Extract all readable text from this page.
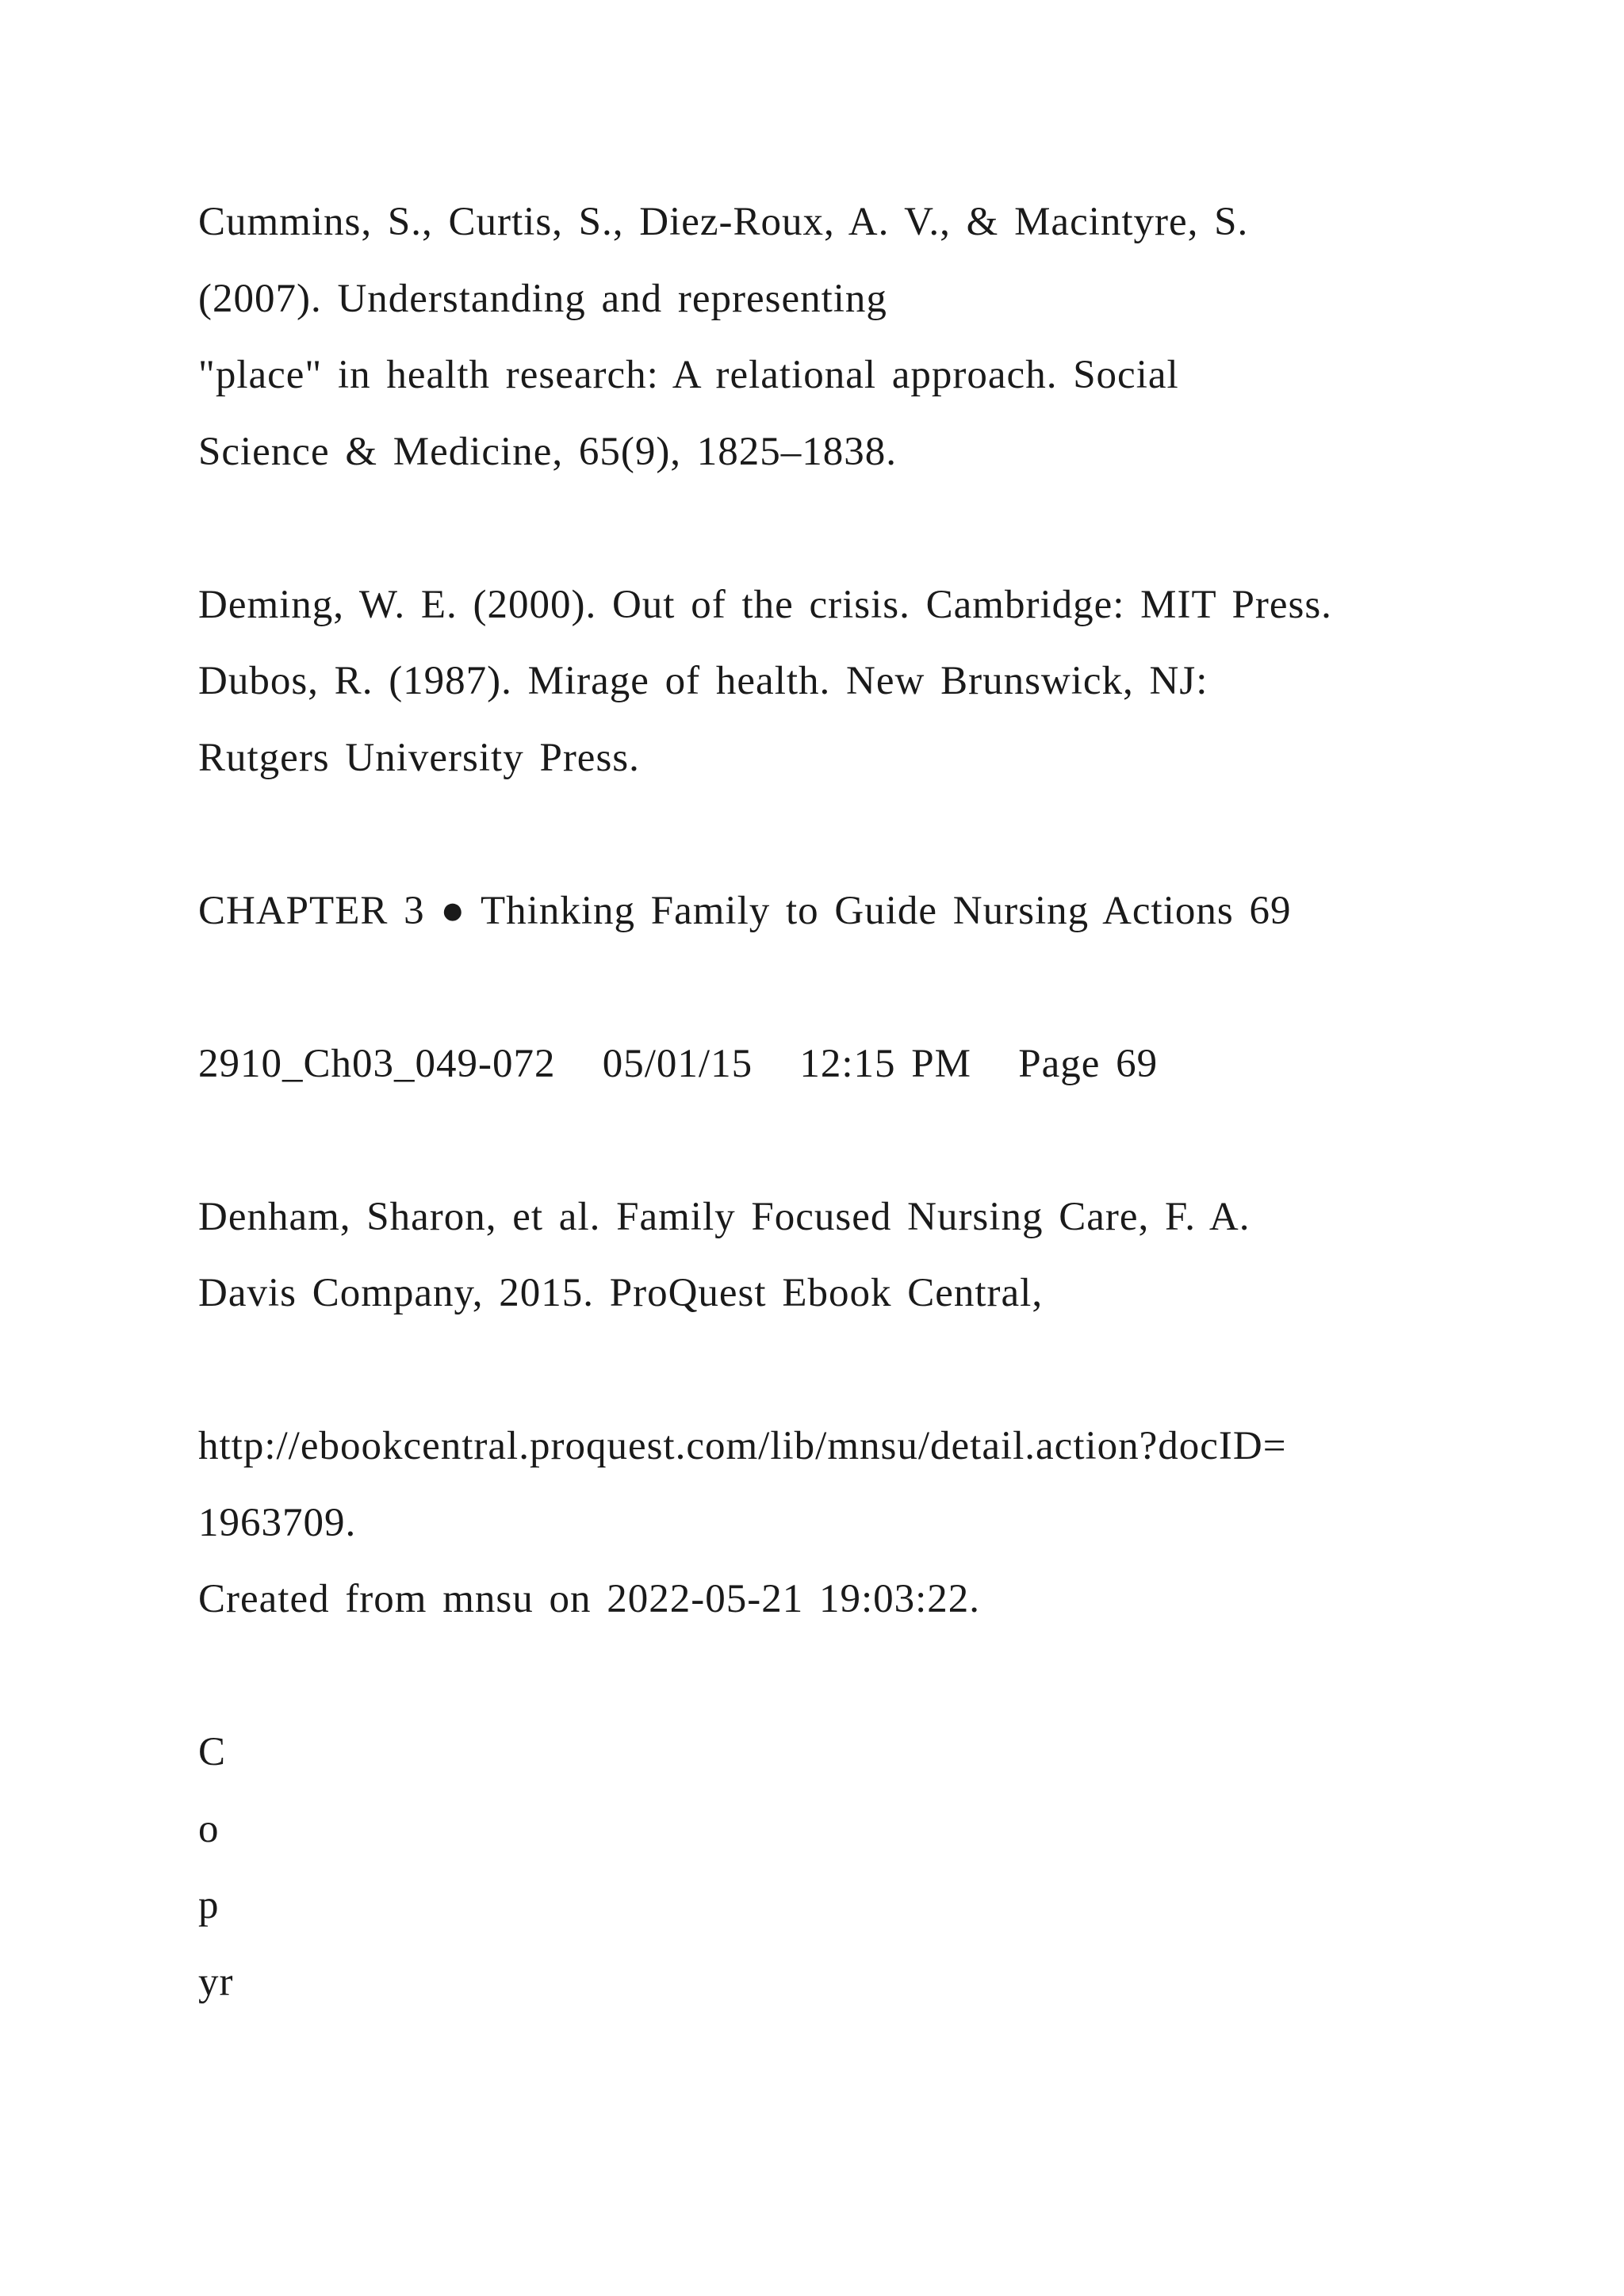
Cummins, S., Curtis, S., Diez-Roux, A. V., & Macintyre, S.
(2007). Understanding and representing
"place" in health research: A relational approach. Social
Science & Medicine, 65(9), 1825–1838.
Deming, W. E. (2000). Out of the crisis. Cambridge: MIT Press.
Dubos, R. (1987). Mirage of health. New Brunswick, NJ:
Rutgers University Press.
CHAPTER 3 ● Thinking Family to Guide Nursing Actions 69
2910_Ch03_049-072   05/01/15   12:15 PM   Page 69
Denham, Sharon, et al. Family Focused Nursing Care, F. A.
Davis Company, 2015. ProQuest Ebook Central,
http://ebookcentral.proquest.com/lib/mnsu/detail.action?docID=
1963709.
Created from mnsu on 2022-05-21 19:03:22.
C
o
p
yr
